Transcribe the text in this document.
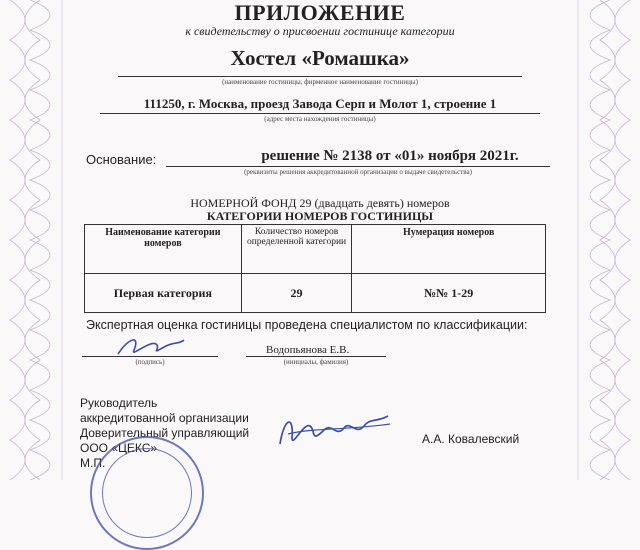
ПРИЛОЖЕНИЕ
к свидетельству о присвоении гостинице категории
Хостел «Ромашка»
(наименование гостиницы, фирменное наименование гостиницы)
111250, г. Москва, проезд Завода Серп и Молот 1, строение 1
(адрес места нахождения гостиницы)
Основание:	решение № 2138 от «01» ноября 2021г.
(реквизиты решения аккредитованной организации о выдаче свидетельства)
НОМЕРНОЙ ФОНД 29 (двадцать девять) номеров
КАТЕГОРИИ НОМЕРОВ ГОСТИНИЦЫ
Наименование категории номеров	Количество номеров определенной категории	Нумерация номеров
Первая категория	29	№№ 1-29
Экспертная оценка гостиницы проведена специалистом по классификации:
(подпись)
Водопьянова Е.В.
(инициалы, фамилия)
Руководитель
аккредитованной организации
Доверительный управляющий
ООО «ЦЕКС»
М.П.
А.А. Ковалевский
